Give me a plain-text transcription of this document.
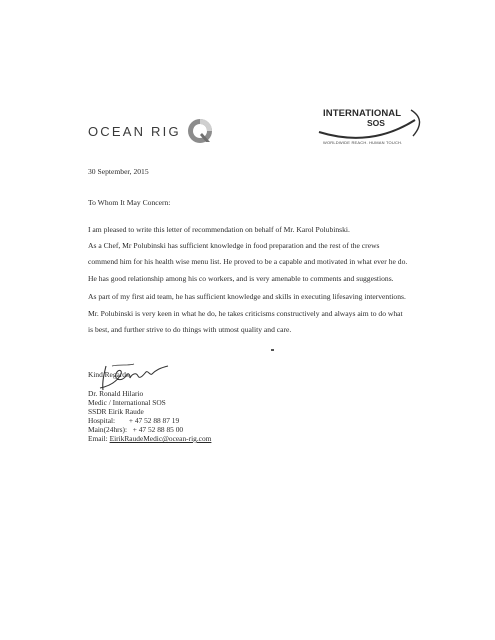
OCEAN RIG
INTERNATIONAL
SOS
WORLDWIDE REACH. HUMAN TOUCH.
30 September, 2015
To Whom It May Concern:
I am pleased to write this letter of recommendation on behalf of Mr. Karol Polubinski.
As a Chef, Mr Polubinski has sufficient knowledge in food preparation and the rest of the crews
commend him for his health wise menu list. He proved to be a capable and motivated in what ever he do.
He has good relationship among his co workers, and is very amenable to comments and suggestions.
As part of my first aid team, he has sufficient knowledge and skills in executing lifesaving interventions.
Mr. Polubinski is very keen in what he do, he takes criticisms constructively and always aim to do what
is best, and further strive to do things with utmost quality and care.
Kind Regards,
Dr. Ronald Hilario
Medic / International SOS
SSDR Eirik Raude
Hospital: + 47 52 88 87 19
Main(24hrs): + 47 52 88 85 00
Email: EirikRaudeMedic@ocean-rig.com
